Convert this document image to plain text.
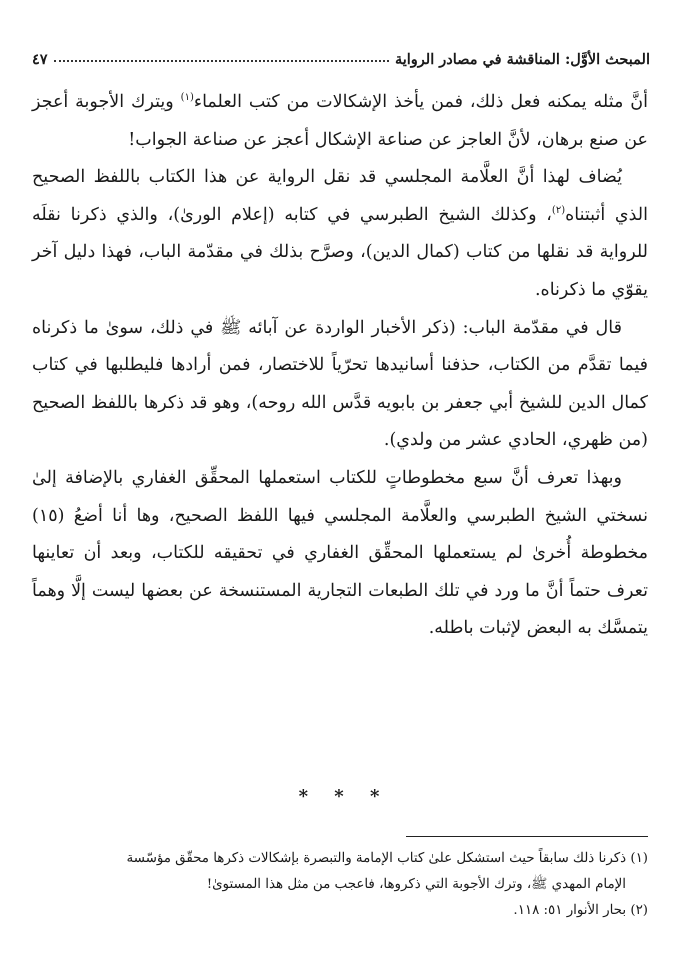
المبحث الأوَّل: المناقشة في مصادر الرواية
٤٧

أنَّ مثله يمكنه فعل ذلك، فمن يأخذ الإشكالات من كتب العلماء$^{(١)}$ ويترك الأجوبة أعجز عن صنع برهان، لأنَّ العاجز عن صناعة الإشكال أعجز عن صناعة الجواب!

يُضاف لهذا أنَّ العلَّامة المجلسي قد نقل الرواية عن هذا الكتاب باللفظ الصحيح الذي أثبتناه$^{(٢)}$، وكذلك الشيخ الطبرسي في كتابه (إعلام الورىٰ)، والذي ذكرنا نقلَه للرواية قد نقلها من كتاب (كمال الدين)، وصرَّح بذلك في مقدّمة الباب، فهذا دليل آخر يقوّي ما ذكرناه.

قال في مقدّمة الباب: (ذكر الأخبار الواردة عن آبائه ﷺ في ذلك، سوىٰ ما ذكرناه فيما تقدَّم من الكتاب، حذفنا أسانيدها تحرّياً للاختصار، فمن أرادها فليطلبها في كتاب كمال الدين للشيخ أبي جعفر بن بابويه قدَّس الله روحه)، وهو قد ذكرها باللفظ الصحيح (من ظهري، الحادي عشر من ولدي).

وبهذا تعرف أنَّ سبع مخطوطاتٍ للكتاب استعملها المحقِّق الغفاري بالإضافة إلىٰ نسختي الشيخ الطبرسي والعلَّامة المجلسي فيها اللفظ الصحيح، وها أنا أضعُ (١٥) مخطوطة أُخرىٰ لم يستعملها المحقِّق الغفاري في تحقيقه للكتاب، وبعد أن تعاينها تعرف حتماً أنَّ ما ورد في تلك الطبعات التجارية المستنسخة عن بعضها ليست إلَّا وهماً يتمسَّك به البعض لإثبات باطله.

* * *

(١) ذكرنا ذلك سابقاً حيث استشكل علىٰ كتاب الإمامة والتبصرة بإشكالات ذكرها محقّق مؤسّسة

الإمام المهدي ﷺ، وترك الأجوبة التي ذكروها، فاعجب من مثل هذا المستوىٰ!

(٢) بحار الأنوار ٥١: ١١٨.
